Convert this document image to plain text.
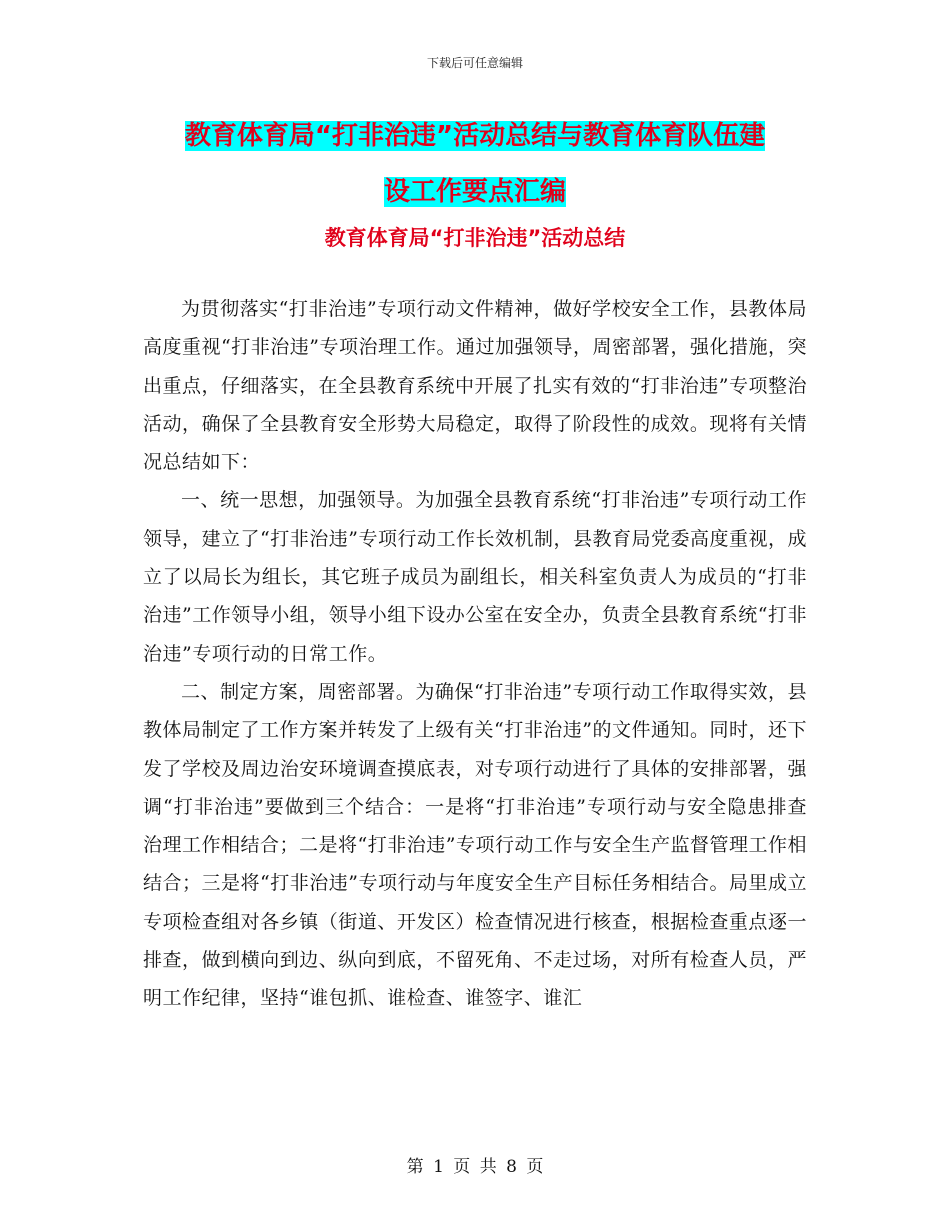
下载后可任意编辑
教育体育局“打非治违”活动总结与教育体育队伍建
设工作要点汇编
教育体育局“打非治违”活动总结

为贯彻落实“打非治违”专项行动文件精神，做好学校安全工作，县教体局高度重视“打非治违”专项治理工作。通过加强领导，周密部署，强化措施，突出重点，仔细落实，在全县教育系统中开展了扎实有效的“打非治违”专项整治活动，确保了全县教育安全形势大局稳定，取得了阶段性的成效。现将有关情况总结如下：

一、统一思想，加强领导。为加强全县教育系统“打非治违”专项行动工作领导，建立了“打非治违”专项行动工作长效机制，县教育局党委高度重视，成立了以局长为组长，其它班子成员为副组长，相关科室负责人为成员的“打非治违”工作领导小组，领导小组下设办公室在安全办，负责全县教育系统“打非治违”专项行动的日常工作。

二、制定方案，周密部署。为确保“打非治违”专项行动工作取得实效，县教体局制定了工作方案并转发了上级有关“打非治违”的文件通知。同时，还下发了学校及周边治安环境调查摸底表，对专项行动进行了具体的安排部署，强调“打非治违”要做到三个结合：一是将“打非治违”专项行动与安全隐患排查治理工作相结合；二是将“打非治违”专项行动工作与安全生产监督管理工作相结合；三是将“打非治违”专项行动与年度安全生产目标任务相结合。局里成立专项检查组对各乡镇（街道、开发区）检查情况进行核查，根据检查重点逐一排查，做到横向到边、纵向到底，不留死角、不走过场，对所有检查人员，严明工作纪律，坚持“谁包抓、谁检查、谁签字、谁汇

第 1 页 共 8 页
